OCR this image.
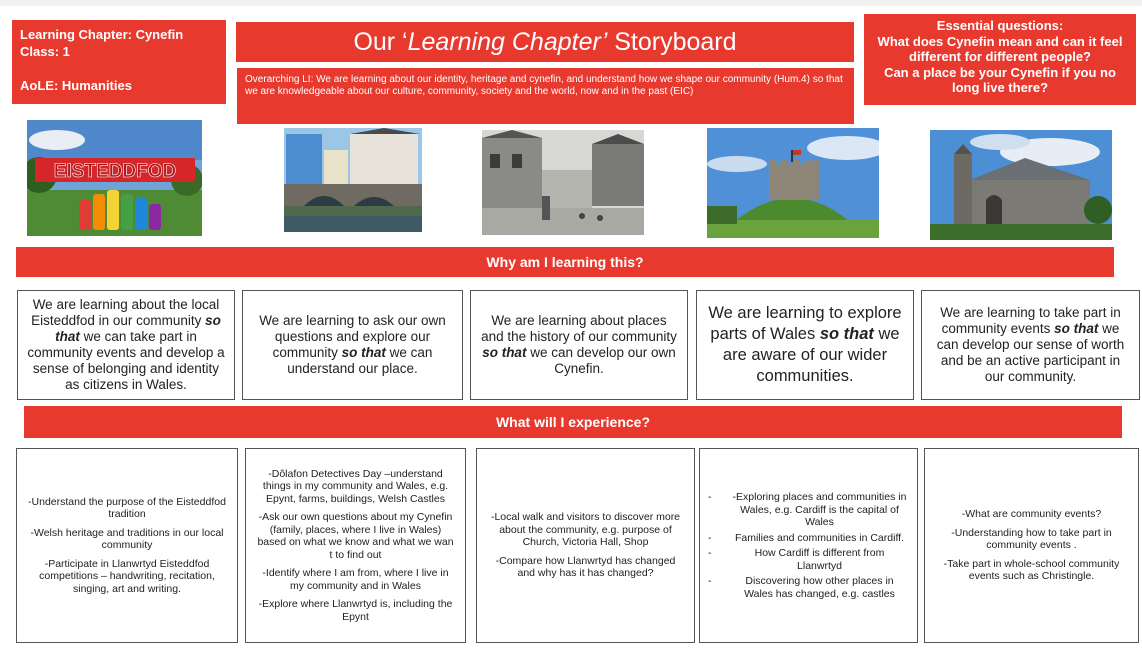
Learning Chapter: Cynefin
Class: 1
AoLE: Humanities
Our ‘Learning Chapter’ Storyboard
Overarching LI: We are learning about our identity, heritage and cynefin, and understand how we shape our community (Hum.4) so that we are knowledgeable about our culture, community, society and the world, now and in the past (EIC)
Essential questions:
What does Cynefin mean and can it feel different for different people?
Can a place be your Cynefin if you no long live there?
EISTEDDFOD
Why am I learning this?
We are learning about the local Eisteddfod in our community so that we can take part in community events and develop a sense of belonging and identity as citizens in Wales.
We are learning to ask our own questions and explore our community so that we can understand our place.
We are learning about places and the history of our community so that we can develop our own Cynefin.
We are learning to explore parts of Wales so that we are aware of our wider communities.
We are learning to take part in community events so that we can develop our sense of worth and be an active participant in our community.
What will I experience?

-Understand the purpose of the Eisteddfod tradition

-Welsh heritage and traditions in our local community

-Participate in Llanwrtyd Eisteddfod competitions – handwriting, recitation, singing, art and writing.

-Dôlafon Detectives Day –understand things in my community and Wales, e.g. Epynt, farms, buildings, Welsh Castles

-Ask our own questions about my Cynefin (family, places, where I live in Wales) based on what we know and what we wan t to find out

-Identify where I am from, where I live in my community and in Wales

-Explore where Llanwrtyd is, including the Epynt

-Local walk and visitors to discover more about the community, e.g. purpose of Church, Victoria Hall, Shop

-Compare how Llanwrtyd has changed and why has it has changed?

- -Exploring places and communities in Wales, e.g. Cardiff is the capital of Wales
- Families and communities in Cardiff.
- How Cardiff is different from Llanwrtyd
- Discovering how other places in Wales has changed, e.g. castles

-What are community events?

-Understanding how to take part in community events .

-Take part in whole-school community events such as Christingle.
